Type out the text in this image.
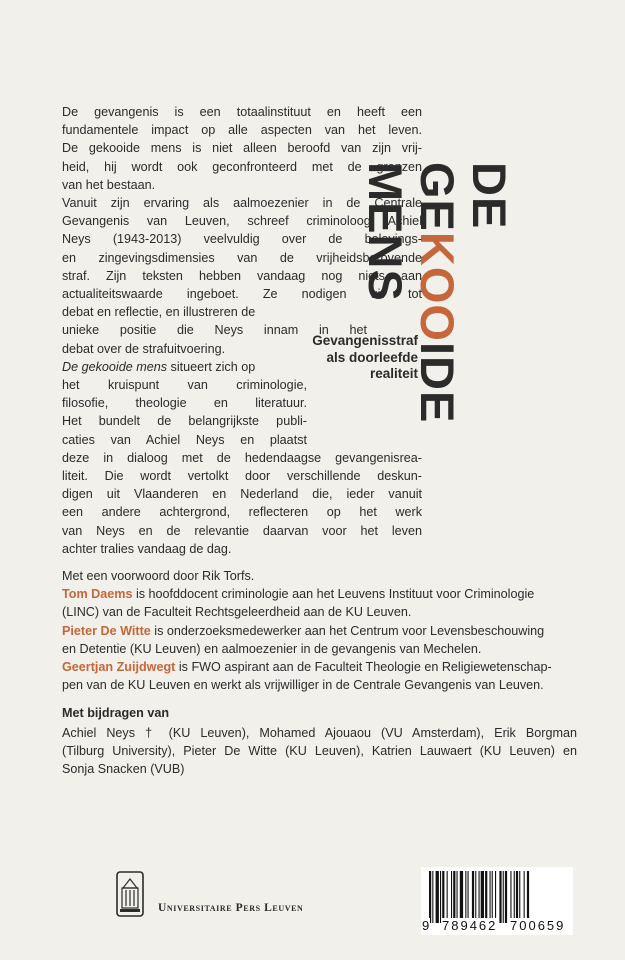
DE
GEKOOIDE
MENS
Gevangenisstraf
als doorleefde
realiteit
De gevangenis is een totaalinstituut en heeft een
fundamentele impact op alle aspecten van het leven.
De gekooide mens is niet alleen beroofd van zijn vrij-
heid, hij wordt ook geconfronteerd met de grenzen
van het bestaan.
Vanuit zijn ervaring als aalmoezenier in de Centrale
Gevangenis van Leuven, schreef criminoloog Achiel
Neys (1943-2013) veelvuldig over de belevings-
en zingevingsdimensies van de vrijheidsberovende
straf. Zijn teksten hebben vandaag nog niets aan
actualiteitswaarde ingeboet. Ze nodigen uit tot
debat en reflectie, en illustreren de
unieke positie die Neys innam in het
debat over de strafuitvoering.
De gekooide mens situeert zich op
het kruispunt van criminologie,
filosofie, theologie en literatuur.
Het bundelt de belangrijkste publi-
caties van Achiel Neys en plaatst
deze in dialoog met de hedendaagse gevangenisrea-
liteit. Die wordt vertolkt door verschillende deskun-
digen uit Vlaanderen en Nederland die, ieder vanuit
een andere achtergrond, reflecteren op het werk
van Neys en de relevantie daarvan voor het leven
achter tralies vandaag de dag.
Met een voorwoord door Rik Torfs.
Tom Daems is hoofddocent criminologie aan het Leuvens Instituut voor Criminologie
(LINC) van de Faculteit Rechtsgeleerdheid aan de KU Leuven.
Pieter De Witte is onderzoeksmedewerker aan het Centrum voor Levensbeschouwing
en Detentie (KU Leuven) en aalmoezenier in de gevangenis van Mechelen.
Geertjan Zuijdwegt is FWO aspirant aan de Faculteit Theologie en Religiewetenschap-
pen van de KU Leuven en werkt als vrijwilliger in de Centrale Gevangenis van Leuven.
Met bijdragen van
Achiel Neys † (KU Leuven), Mohamed Ajouaou (VU Amsterdam), Erik Borgman
(Tilburg University), Pieter De Witte (KU Leuven), Katrien Lauwaert (KU Leuven) en
Sonja Snacken (VUB)
Universitaire Pers Leuven
9 789462 700659
